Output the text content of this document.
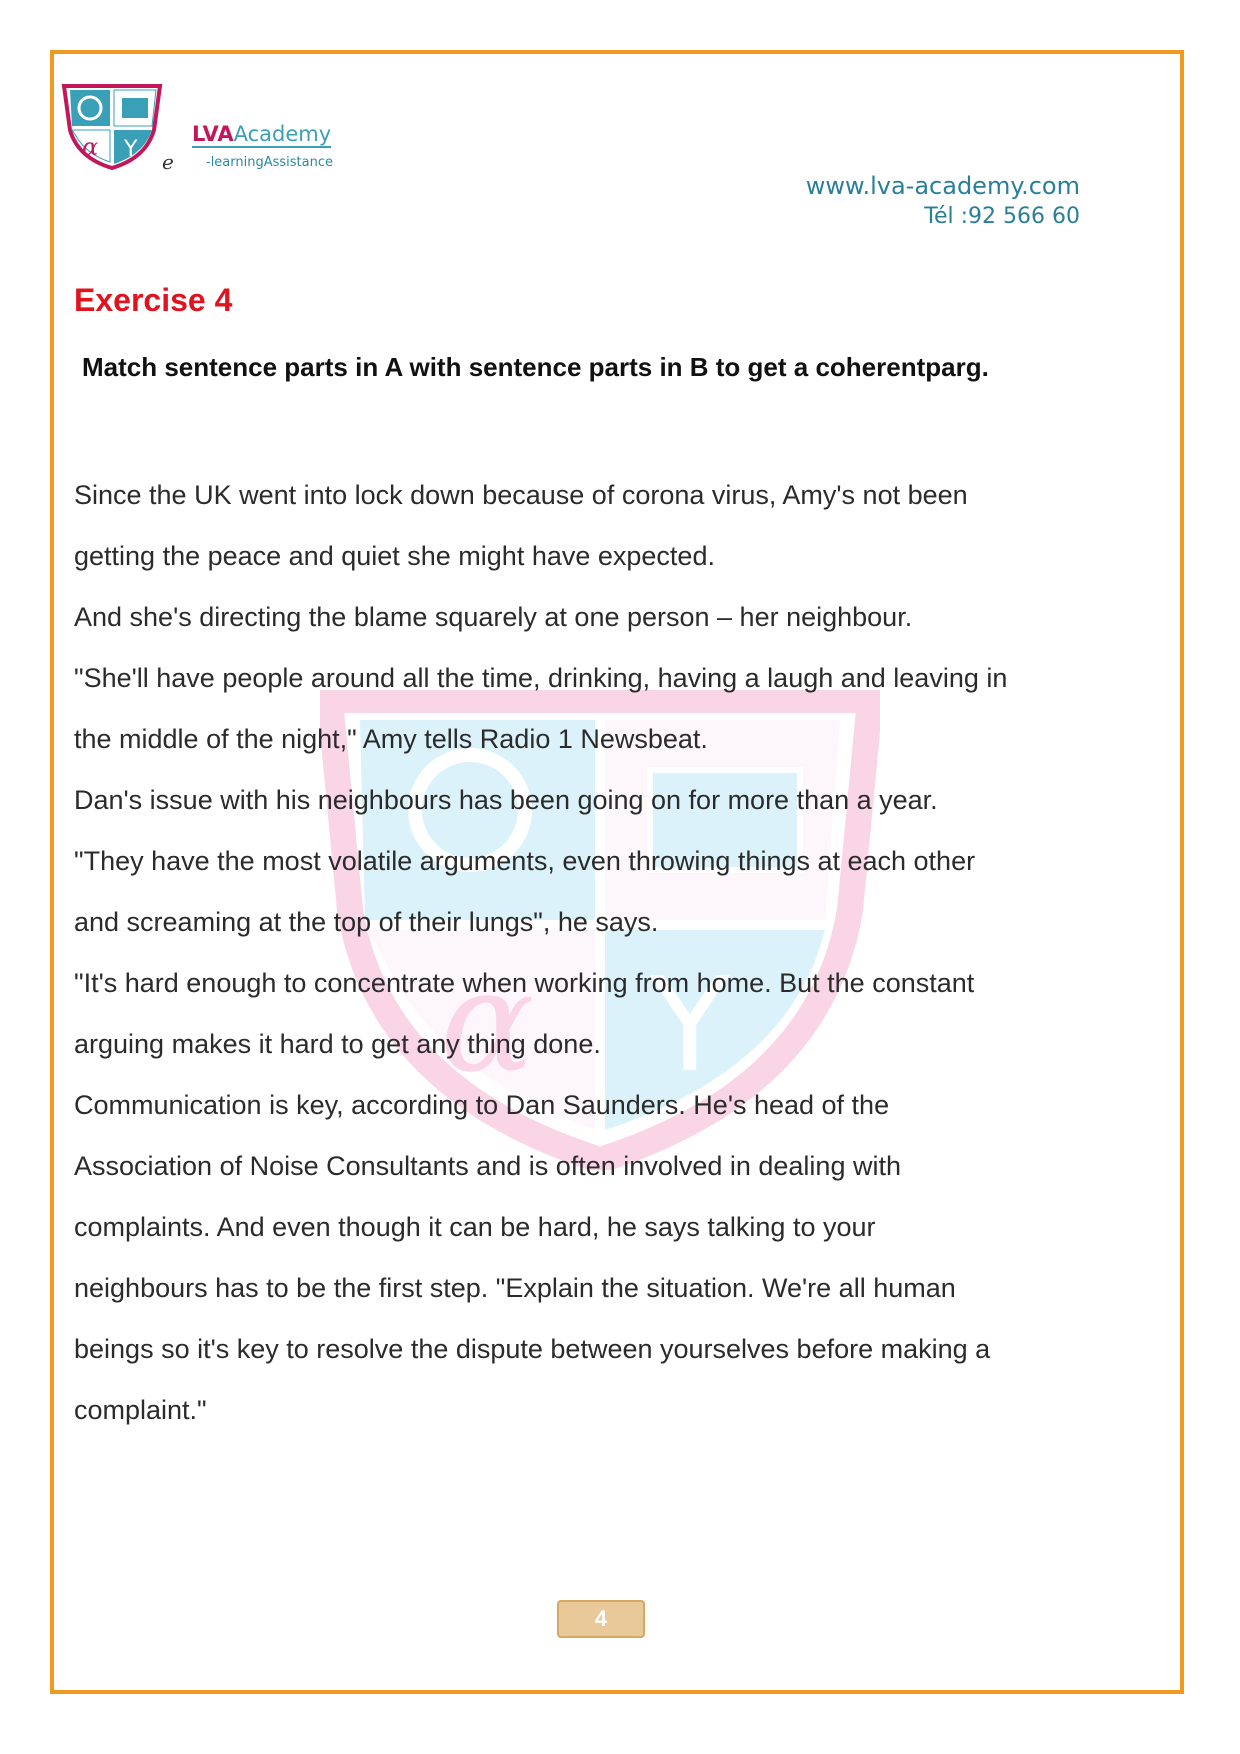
α Y e
LVAAcademy
-learningAssistance
www.lva-academy.com
Tél :92 566 60
Exercise 4
Match sentence parts in A with sentence parts in B to get a coherentparg.
α Y
Since the UK went into lock down because of corona virus, Amy's not been
getting the peace and quiet she might have expected.
And she's directing the blame squarely at one person – her neighbour.
"She'll have people around all the time, drinking, having a laugh and leaving in
the middle of the night," Amy tells Radio 1 Newsbeat.
Dan's issue with his neighbours has been going on for more than a year.
"They have the most volatile arguments, even throwing things at each other
and screaming at the top of their lungs", he says.
"It's hard enough to concentrate when working from home. But the constant
arguing makes it hard to get any thing done.
Communication is key, according to Dan Saunders. He's head of the
Association of Noise Consultants and is often involved in dealing with
complaints. And even though it can be hard, he says talking to your
neighbours has to be the first step. "Explain the situation. We're all human
beings so it's key to resolve the dispute between yourselves before making a
complaint."
4
